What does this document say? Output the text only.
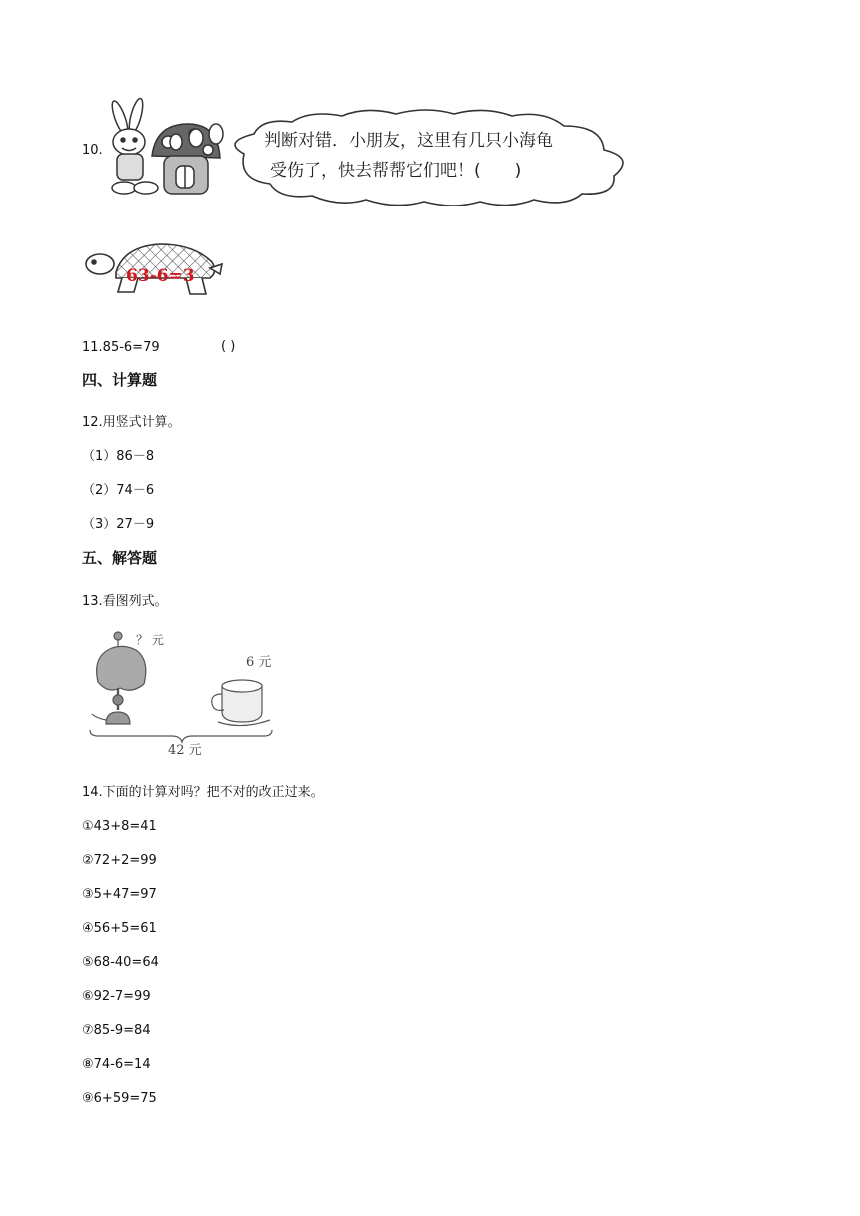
10.	判断对错．小朋友，这里有几只小海龟
受伤了，快去帮帮它们吧！(　　)
63-6=3
11.85-6=79	( )
四、计算题
12.用竖式计算。
（1）86－8
（2）74－6
（3）27－9
五、解答题
13.看图列式。
？ 元
6 元
42 元
14.下面的计算对吗？把不对的改正过来。
①43+8=41
②72+2=99
③5+47=97
④56+5=61
⑤68-40=64
⑥92-7=99
⑦85-9=84
⑧74-6=14
⑨6+59=75
